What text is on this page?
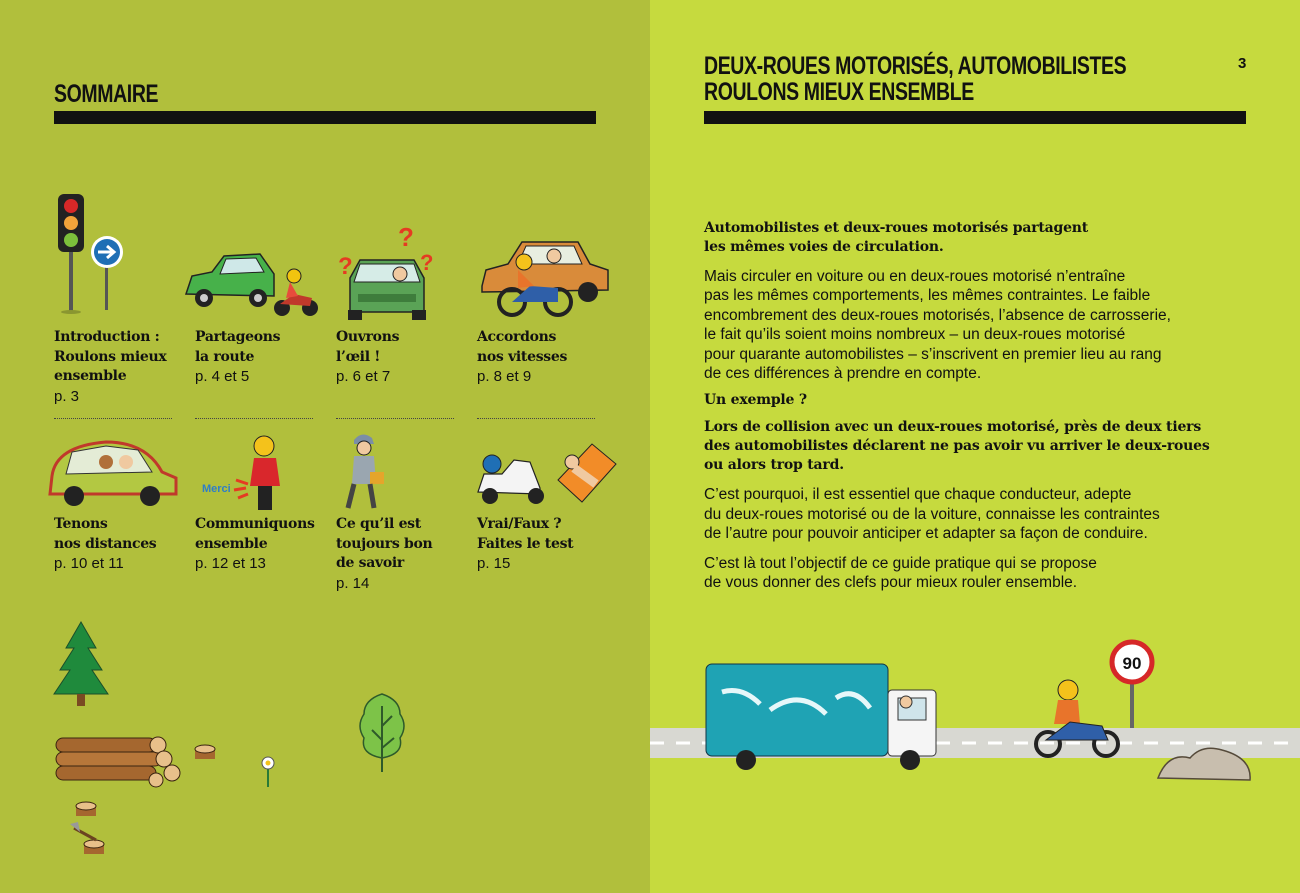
SOMMAIRE
?
?
?
Introduction :
Roulons mieux
ensemble
p. 3
Partageons
la route
p. 4 et 5
Ouvrons
l’œil !
p. 6 et 7
Accordons
nos vitesses
p. 8 et 9
Merci
Tenons
nos distances
p. 10 et 11
Communiquons
ensemble
p. 12 et 13
Ce qu’il est
toujours bon
de savoir
p. 14
Vrai/Faux ?
Faites le test
p. 15
DEUX-ROUES MOTORISÉS, AUTOMOBILISTES
ROULONS MIEUX ENSEMBLE
3
Automobilistes et deux-roues motorisés partagent
les mêmes voies de circulation.
Mais circuler en voiture ou en deux-roues motorisé n’entraîne
pas les mêmes comportements, les mêmes contraintes. Le faible
encombrement des deux-roues motorisés, l’absence de carrosserie,
le fait qu’ils soient moins nombreux – un deux-roues motorisé
pour quarante automobilistes – s’inscrivent en premier lieu au rang
de ces différences à prendre en compte.
Un exemple ?
Lors de collision avec un deux-roues motorisé, près de deux tiers
des automobilistes déclarent ne pas avoir vu arriver le deux-roues
ou alors trop tard.
C’est pourquoi, il est essentiel que chaque conducteur, adepte
du deux-roues motorisé ou de la voiture, connaisse les contraintes
de l’autre pour pouvoir anticiper et adapter sa façon de conduire.
C’est là tout l’objectif de ce guide pratique qui se propose
de vous donner des clefs pour mieux rouler ensemble.
90
